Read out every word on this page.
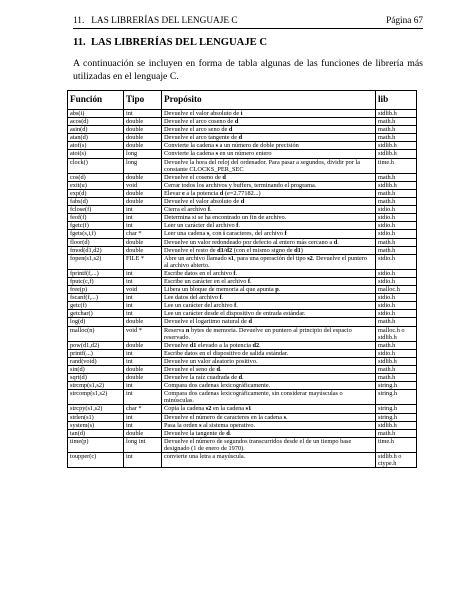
11.   LAS LIBRERÍAS DEL LENGUAJE C	Página 67
11.  LAS LIBRERÍAS DEL LENGUAJE C
A continuación se incluyen en forma de tabla algunas de las funciones de librería más utilizadas en el lenguaje C.
Función	Tipo	Propósito	lib
abs(i)	int	Devuelve el valor absoluto de i	stdlib.h
acos(d)	double	Devuelve el arco coseno de d	math.h
asin(d)	double	Devuelve el arco seno de d	math.h
atan(d)	double	Devuelve el arco tangente de d	math.h
atof(s)	double	Convierte la cadena s a un número de doble precisión	stdlib.h
atoi(s)	long	Convierte la cadena s en un número entero	stdlib.h
clock()	long	Devuelve la hora del reloj del ordenador. Para pasar a segundos, dividir por la constante CLOCKS_PER_SEC	time.h
cos(d)	double	Devuelve el coseno de d	math.h
exit(u)	void	Cerrar todos los archivos y buffers, terminando el programa.	stdlib.h
exp(d)	double	Elevar e a la potencia d (e=2.77182...)	math.h
fabs(d)	double	Devuelve el valor absoluto de d	math.h
fclose(f)	int	Cierra el archivo f.	stdio.h
feof(f)	int	Determina si se ha encontrado un fin de archivo.	stdio.h
fgetc(f)	int	Leer un carácter del archivo f.	stdio.h
fgets(s,i,f)	char *	Leer una cadena s, con i caracteres, del archivo f	stdio.h
floor(d)	double	Devuelve un valor redondeado por defecto al entero más cercano a d.	math.h
fmod(d1,d2)	double	Devuelve el resto de d1/d2 (con el mismo signo de d1)	math.h
fopen(s1,s2)	FILE *	Abre un archivo llamado s1, para una operación del tipo s2. Devuelve el puntero al archivo abierto.	stdio.h
fprintf(f,...)	int	Escribe datos en el archivo f.	stdio.h
fputc(c,f)	int	Escribe un carácter en el archivo f.	stdio.h
free(p)	void	Libera un bloque de memoria al que apunta p.	malloc.h
fscanf(f,...)	int	Lee datos del archivo f.	stdio.h
getc(f)	int	Lee un carácter del archivo f.	stdio.h
getchar()	int	Lee un carácter desde el dispositivo de entrada estándar.	stdio.h
log(d)	double	Devuelve el logaritmo natural de d	math.h
malloc(n)	void *	Reserva n bytes de memoria. Devuelve un puntero al principio del espacio reservado.	malloc.h o stdlib.h
pow(d1,d2)	double	Devuelve d1 elevado a la potencia d2.	math.h
printf(...)	int	Escribe datos en el dispositivo de salida estándar.	stdio.h
rand(void)	int	Devuelve un valor aleatorio positivo.	stdlib.h
sin(d)	double	Devuelve el seno de d.	math.h
sqrt(d)	double	Devuelve la raíz cuadrada de d.	math.h
strcmp(s1,s2)	int	Compara dos cadenas lexicográficamente.	string.h
strcomp(s1,s2)	int	Compara dos cadenas lexicográficamente, sin considerar mayúsculas o minúsculas.	string.h
strcpy(s1,s2)	char *	Copia la cadena s2 en la cadena s1	string.h
strlen(s1)	int	Devuelve el número de caracteres en la cadena s.	string.h
system(s)	int	Pasa la orden s al sistema operativo.	stdlib.h
tan(d)	double	Devuelve la tangente de d.	math.h
time(p)	long int	Devuelve el número de segundos transcurridos desde el de un tiempo base designado (1 de enero de 1970).	time.h
toupper(c)	int	convierte una letra a mayúscula.	stdlib.h o ctype.h
